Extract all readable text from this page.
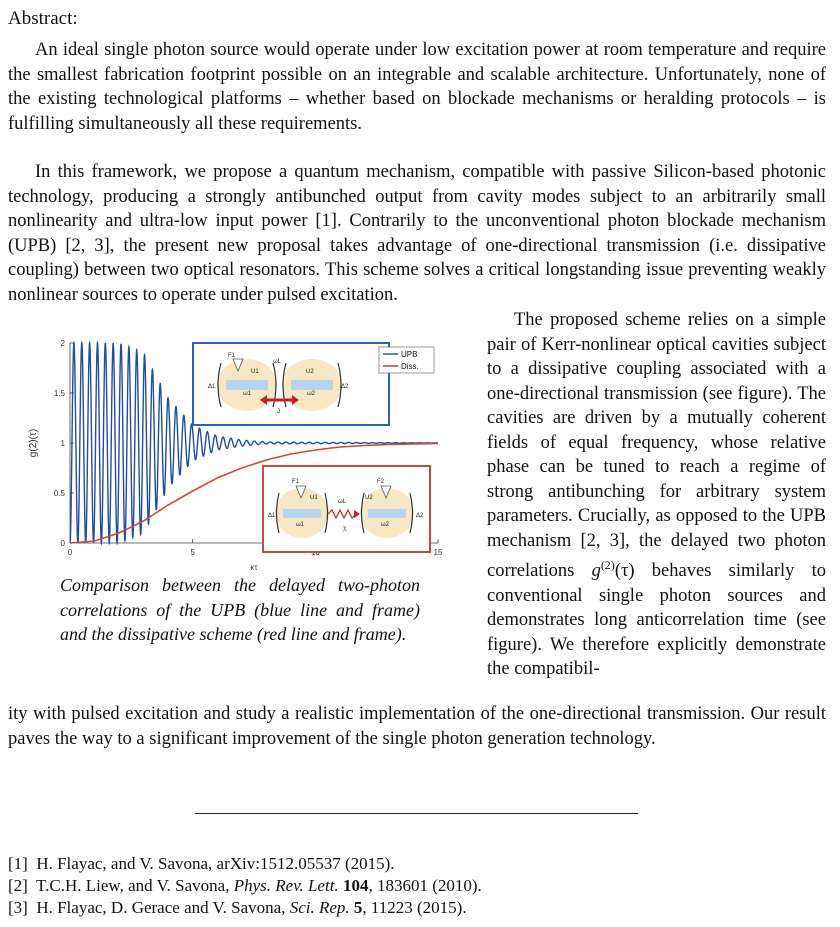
Abstract:
An ideal single photon source would operate under low excitation power at room temperature and require the smallest fabrication footprint possible on an integrable and scalable architecture. Unfortunately, none of the existing technological platforms – whether based on blockade mechanisms or heralding protocols – is fulfilling simultaneously all these requirements.
In this framework, we propose a quantum mechanism, compatible with passive Silicon-based photonic technology, producing a strongly antibunched output from cavity modes subject to an arbitrarily small nonlinearity and ultra-low input power [1]. Contrarily to the unconventional photon blockade mechanism (UPB) [2, 3], the present new proposal takes advantage of one-directional transmission (i.e. dissipative coupling) between two optical resonators. This scheme solves a critical longstanding issue preventing weakly nonlinear sources to operate under pulsed excitation.
The proposed scheme relies on a simple pair of Kerr-nonlinear optical cavities subject to a dissipative coupling associated with a one-directional transmission (see figure). The cavities are driven by a mutually coherent fields of equal frequency, whose relative phase can be tuned to reach a regime of strong antibunching for arbitrary system parameters. Crucially, as opposed to the UPB mechanism [2, 3], the delayed two photon correlations $g^{(2)}(\tau)$ behaves similarly to conventional single photon sources and demonstrates long anticorrelation time (see figure). We therefore explicitly demonstrate the compatibil-
ity with pulsed excitation and study a realistic implementation of the one-directional transmission. Our result paves the way to a significant improvement of the single photon generation technology.
0
0.5
1
1.5
2
0	5	15
g(2)(τ)
κτ
F1
U1	U2
ωL
ω1	ω2
Δ1	Δ2
J
F1	F2
U1	U2
ωL
ω1	ω2
Δ1	Δ2
χ
UPB
Diss.
Comparison between the delayed two-photon correlations of the UPB (blue line and frame) and the dissipative scheme (red line and frame).
[1] H. Flayac, and V. Savona, arXiv:1512.05537 (2015).
[2] T.C.H. Liew, and V. Savona, Phys. Rev. Lett. 104, 183601 (2010).
[3] H. Flayac, D. Gerace and V. Savona, Sci. Rep. 5, 11223 (2015).
